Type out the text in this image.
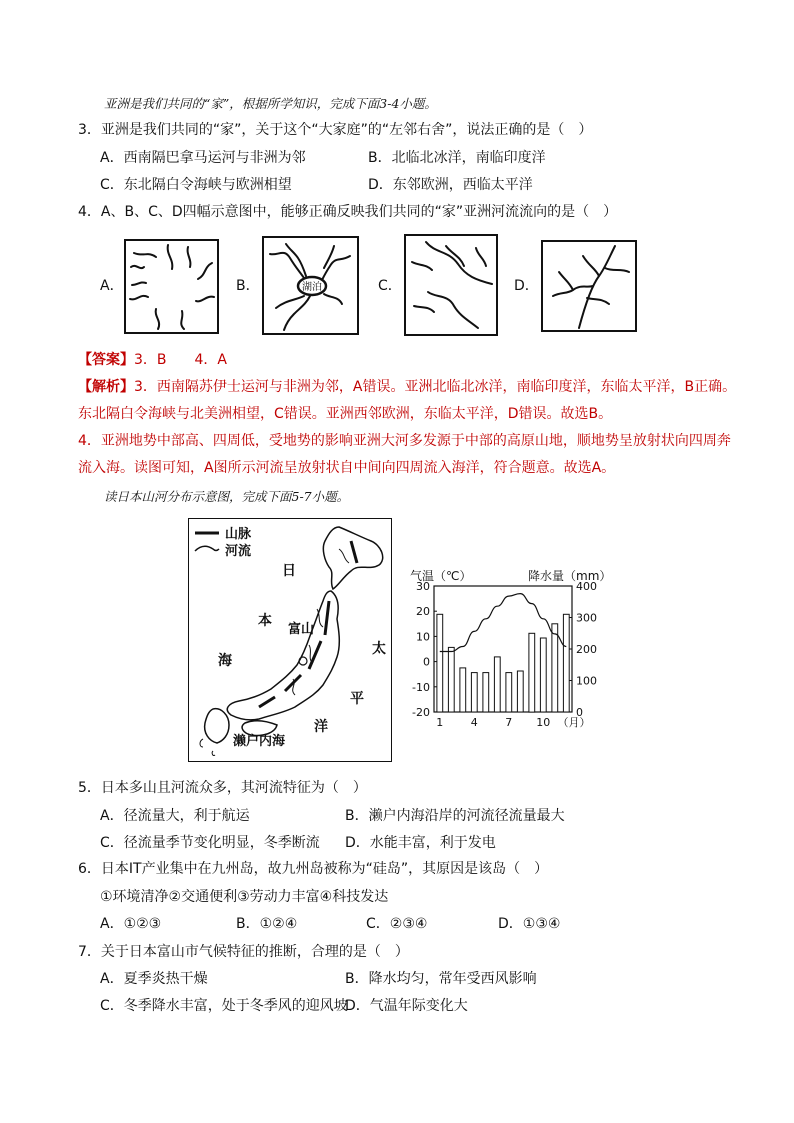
亚洲是我们共同的“家”，根据所学知识，完成下面3-4小题。
3．亚洲是我们共同的“家”，关于这个“大家庭”的“左邻右舍”，说法正确的是（　）
A．西南隔巴拿马运河与非洲为邻	B．北临北冰洋，南临印度洋
C．东北隔白令海峡与欧洲相望	D．东邻欧洲，西临太平洋
4．A、B、C、D四幅示意图中，能够正确反映我们共同的“家”亚洲河流流向的是（　）
A．	B．	湖泊	C．	D．
【答案】3．B　　4．A
【解析】3．西南隔苏伊士运河与非洲为邻，A错误。亚洲北临北冰洋，南临印度洋，东临太平洋，B正确。
东北隔白令海峡与北美洲相望，C错误。亚洲西邻欧洲，东临太平洋，D错误。故选B。
4．亚洲地势中部高、四周低，受地势的影响亚洲大河多发源于中部的高原山地，顺地势呈放射状向四周奔
流入海。读图可知，A图所示河流呈放射状自中间向四周流入海洋，符合题意。故选A。
读日本山河分布示意图，完成下面5-7小题。
山脉
河流
日
本
海
太
平
洋
富山
濑户内海
气温（℃）	降水量（mm）
30
20
10
0
-10
-20
400
300
200
100
0
1	4	7 10 （月）
5．日本多山且河流众多，其河流特征为（　）
A．径流量大，利于航运	B．濑户内海沿岸的河流径流量最大
C．径流量季节变化明显，冬季断流 D．水能丰富，利于发电
6．日本IT产业集中在九州岛，故九州岛被称为“硅岛”，其原因是该岛（　）
①环境清净②交通便利③劳动力丰富④科技发达
A．①②③	B．①②④	C．②③④	D．①③④
7．关于日本富山市气候特征的推断，合理的是（　）
A．夏季炎热干燥	B．降水均匀，常年受西风影响
C．冬季降水丰富，处于冬季风的迎风坡
D．气温年际变化大
